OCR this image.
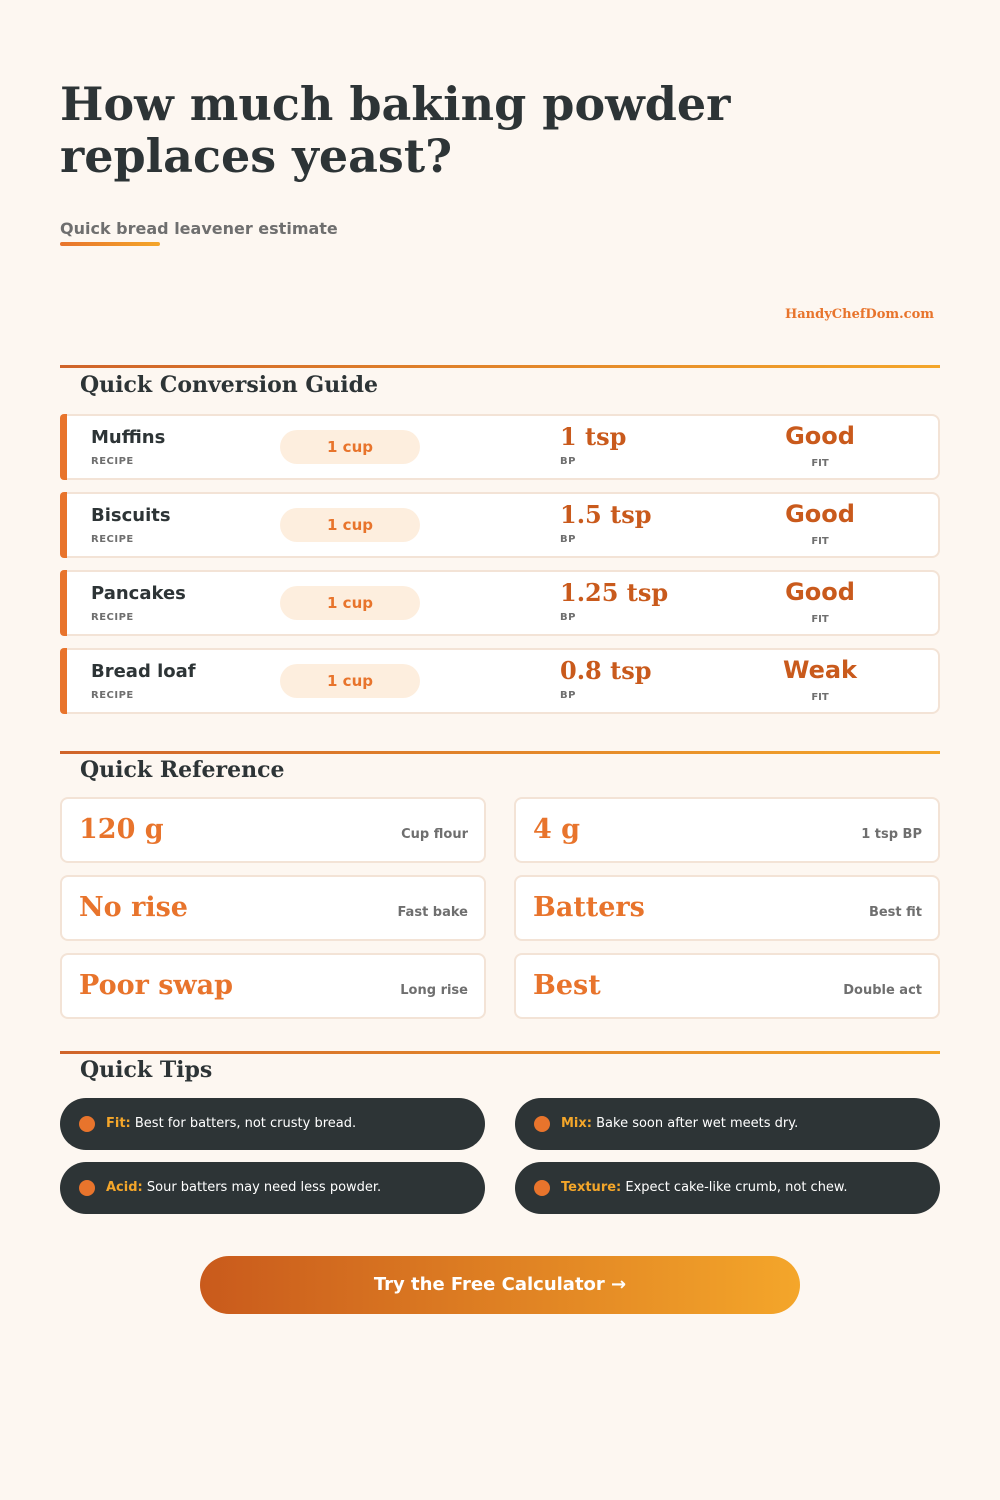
How much baking powder replaces yeast?
Quick bread leavener estimate
HandyChefDom.com
Quick Conversion Guide
Muffins
RECIPE
1 cup	1 tsp
BP
Good
FIT
Biscuits
RECIPE
1 cup	1.5 tsp
BP
Good
FIT
Pancakes
RECIPE
1 cup	1.25 tsp
BP
Good
FIT
Bread loaf
RECIPE
1 cup	0.8 tsp
BP
Weak
FIT
Quick Reference
120 g	Cup flour 4 g	1 tsp BP
No rise	Fast bake Batters	Best fit
Poor swap	Long rise Best	Double act
Quick Tips
Fit: Best for batters, not crusty bread.	Mix: Bake soon after wet meets dry.
Acid: Sour batters may need less powder.	Texture: Expect cake-like crumb, not chew.
Try the Free Calculator →
